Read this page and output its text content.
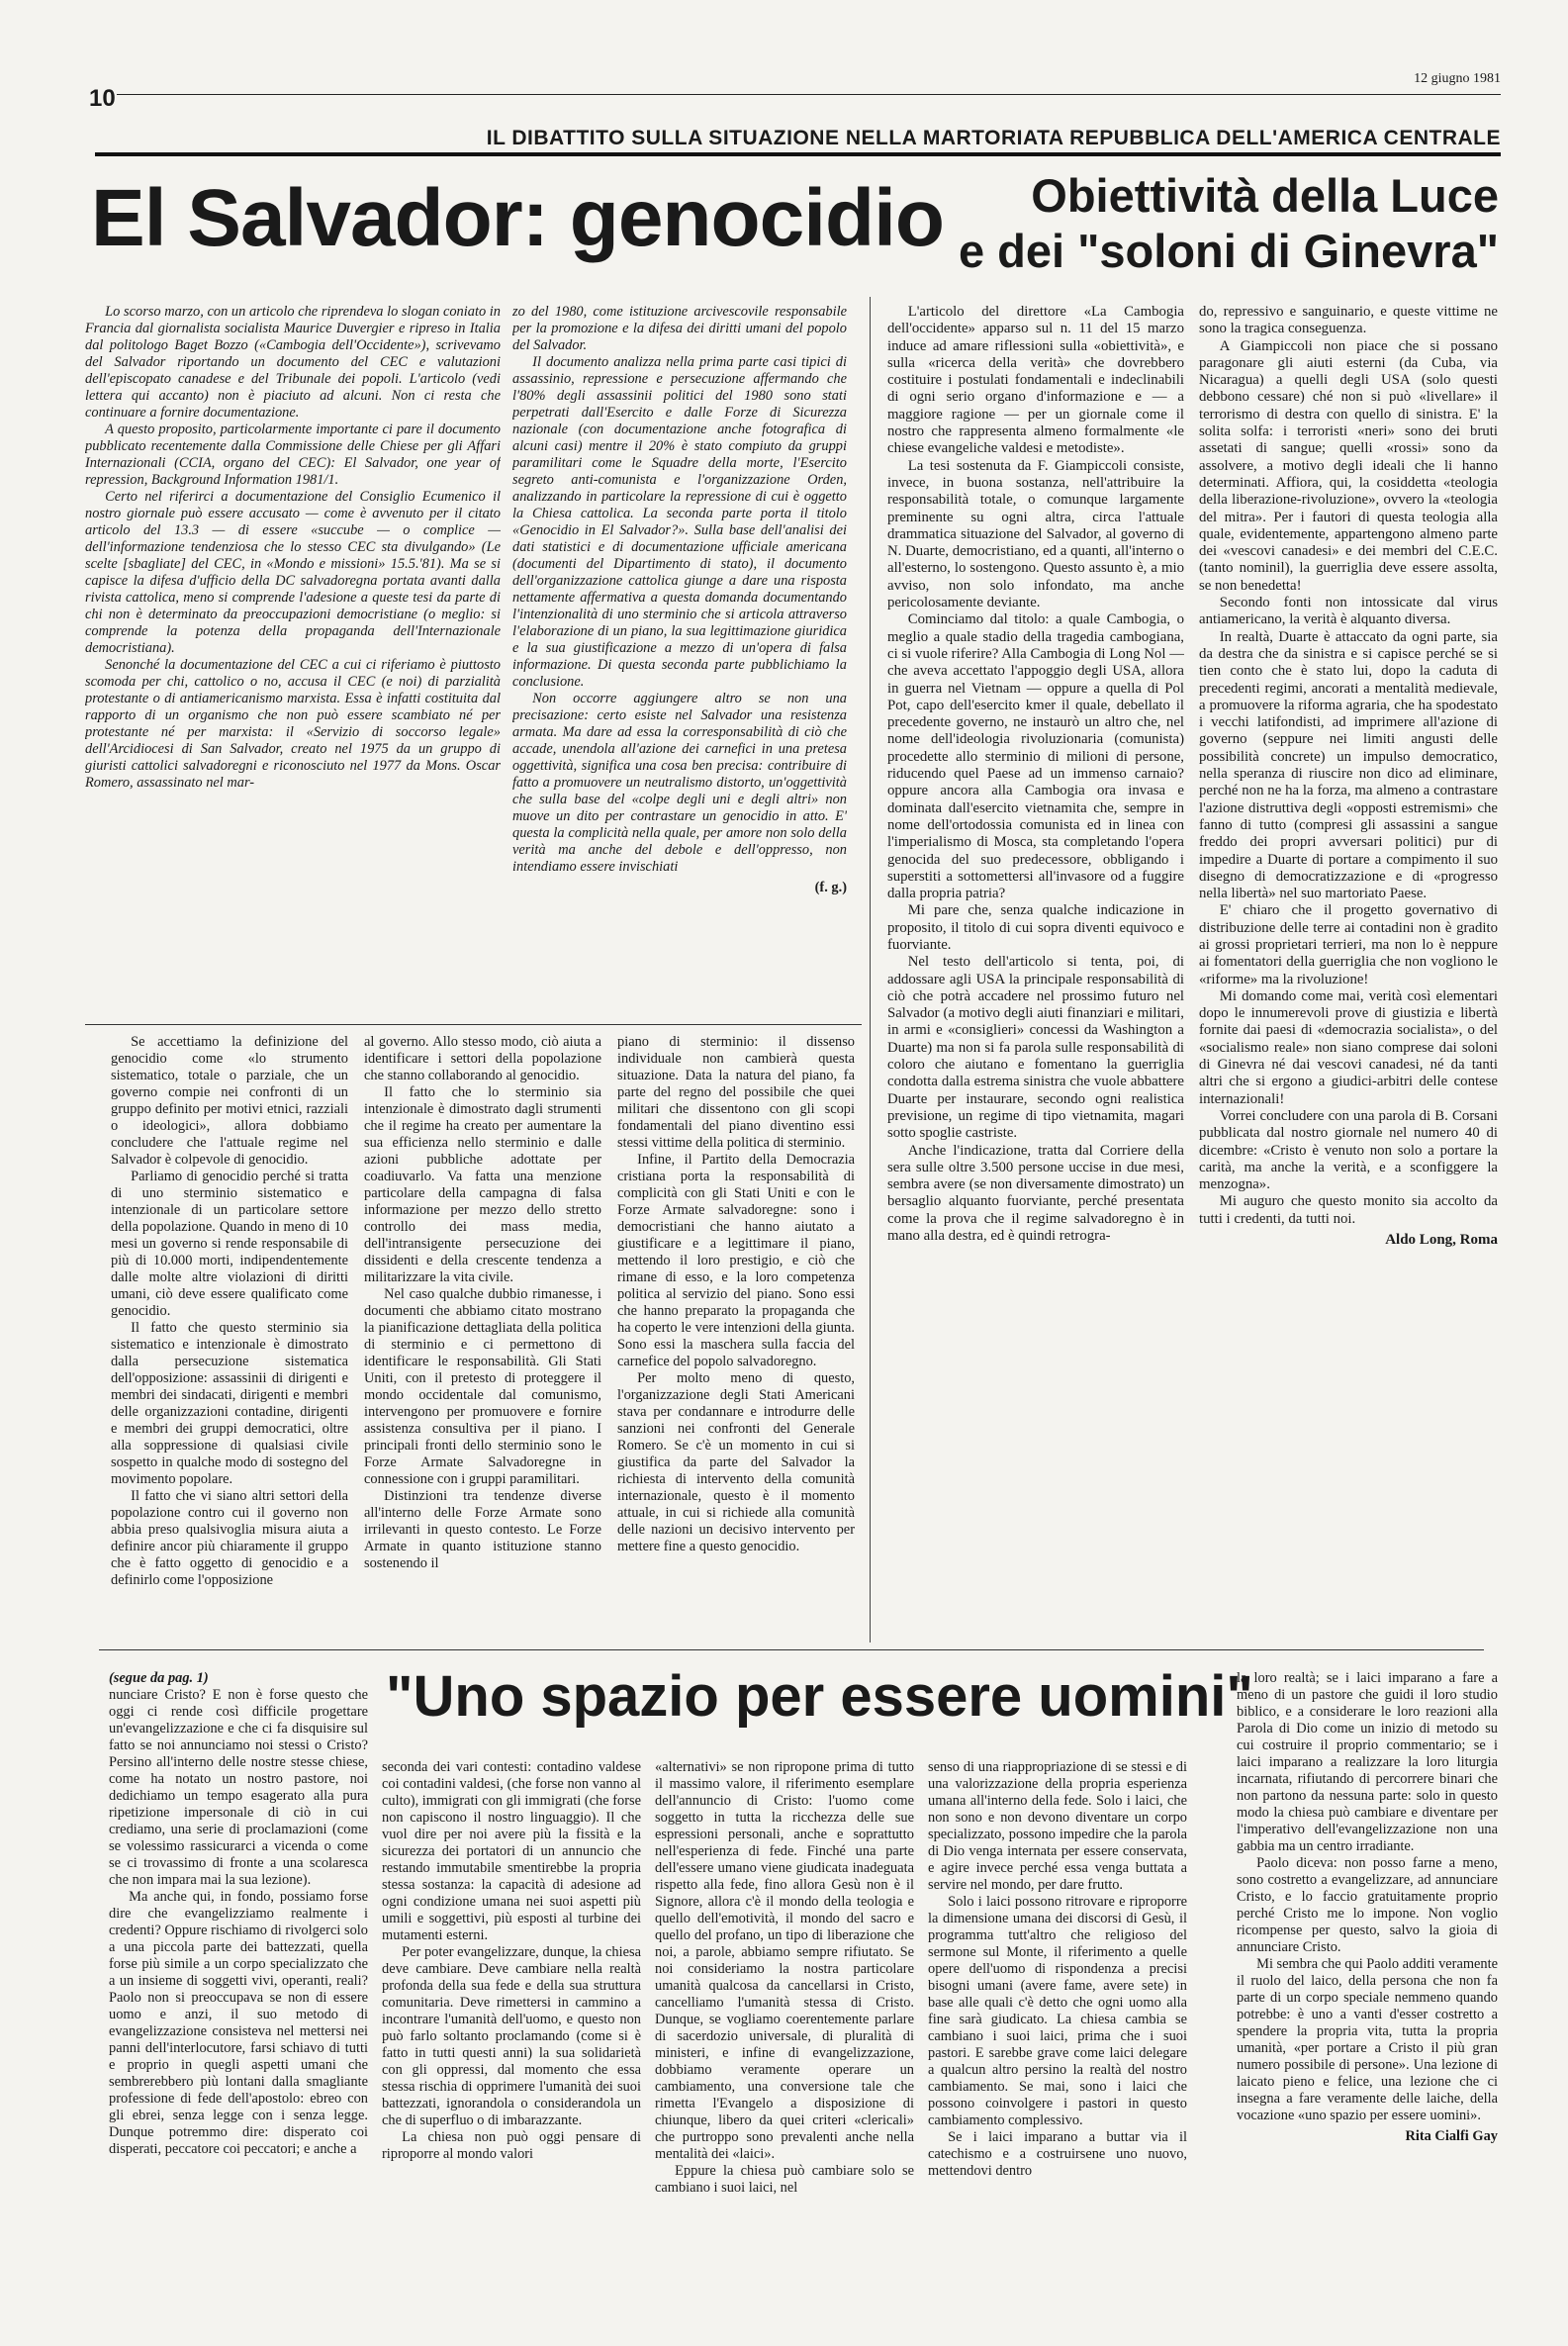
10
12 giugno 1981
IL DIBATTITO SULLA SITUAZIONE NELLA MARTORIATA REPUBBLICA DELL'AMERICA CENTRALE
El Salvador: genocidio	Obiettività della Luce
e dei "soloni di Ginevra"

Lo scorso marzo, con un articolo che riprendeva lo slogan coniato in Francia dal giornalista socialista Maurice Duvergier e ripreso in Italia dal politologo Baget Bozzo («Cambogia dell'Occidente»), scrivevamo del Salvador riportando un documento del CEC e valutazioni dell'episcopato canadese e del Tribunale dei popoli. L'articolo (vedi lettera qui accanto) non è piaciuto ad alcuni. Non ci resta che continuare a fornire documentazione.

A questo proposito, particolarmente importante ci pare il documento pubblicato recentemente dalla Commissione delle Chiese per gli Affari Internazionali (CCIA, organo del CEC): El Salvador, one year of repression, Background Information 1981/1.

Certo nel riferirci a documentazione del Consiglio Ecumenico il nostro giornale può essere accusato — come è avvenuto per il citato articolo del 13.3 — di essere «succube — o complice — dell'informazione tendenziosa che lo stesso CEC sta divulgando» (Le scelte [sbagliate] del CEC, in «Mondo e missioni» 15.5.'81). Ma se si capisce la difesa d'ufficio della DC salvadoregna portata avanti dalla rivista cattolica, meno si comprende l'adesione a queste tesi da parte di chi non è determinato da preoccupazioni democristiane (o meglio: si comprende la potenza della propaganda dell'Internazionale democristiana).

Senonché la documentazione del CEC a cui ci riferiamo è piuttosto scomoda per chi, cattolico o no, accusa il CEC (e noi) di parzialità protestante o di antiamericanismo marxista. Essa è infatti costituita dal rapporto di un organismo che non può essere scambiato né per protestante né per marxista: il «Servizio di soccorso legale» dell'Arcidiocesi di San Salvador, creato nel 1975 da un gruppo di giuristi cattolici salvadoregni e riconosciuto nel 1977 da Mons. Oscar Romero, assassinato nel mar-

zo del 1980, come istituzione arcivescovile responsabile per la promozione e la difesa dei diritti umani del popolo del Salvador.

Il documento analizza nella prima parte casi tipici di assassinio, repressione e persecuzione affermando che l'80% degli assassinii politici del 1980 sono stati perpetrati dall'Esercito e dalle Forze di Sicurezza nazionale (con documentazione anche fotografica di alcuni casi) mentre il 20% è stato compiuto da gruppi paramilitari come le Squadre della morte, l'Esercito segreto anti-comunista e l'organizzazione Orden, analizzando in particolare la repressione di cui è oggetto la Chiesa cattolica. La seconda parte porta il titolo «Genocidio in El Salvador?». Sulla base dell'analisi dei dati statistici e di documentazione ufficiale americana (documenti del Dipartimento di stato), il documento dell'organizzazione cattolica giunge a dare una risposta nettamente affermativa a questa domanda documentando l'intenzionalità di uno sterminio che si articola attraverso l'elaborazione di un piano, la sua legittimazione giuridica e la sua giustificazione a mezzo di un'opera di falsa informazione. Di questa seconda parte pubblichiamo la conclusione.

Non occorre aggiungere altro se non una precisazione: certo esiste nel Salvador una resistenza armata. Ma dare ad essa la corresponsabilità di ciò che accade, unendola all'azione dei carnefici in una pretesa oggettività, significa una cosa ben precisa: contribuire di fatto a promuovere un neutralismo distorto, un'oggettività che sulla base del «colpe degli uni e degli altri» non muove un dito per contrastare un genocidio in atto. E' questa la complicità nella quale, per amore non solo della verità ma anche del debole e dell'oppresso, non intendiamo essere invischiati

(f. g.)

Se accettiamo la definizione del genocidio come «lo strumento sistematico, totale o parziale, che un governo compie nei confronti di un gruppo definito per motivi etnici, razziali o ideologici», allora dobbiamo concludere che l'attuale regime nel Salvador è colpevole di genocidio.

Parliamo di genocidio perché si tratta di uno sterminio sistematico e intenzionale di un particolare settore della popolazione. Quando in meno di 10 mesi un governo si rende responsabile di più di 10.000 morti, indipendentemente dalle molte altre violazioni di diritti umani, ciò deve essere qualificato come genocidio.

Il fatto che questo sterminio sia sistematico e intenzionale è dimostrato dalla persecuzione sistematica dell'opposizione: assassinii di dirigenti e membri dei sindacati, dirigenti e membri delle organizzazioni contadine, dirigenti e membri dei gruppi democratici, oltre alla soppressione di qualsiasi civile sospetto in qualche modo di sostegno del movimento popolare.

Il fatto che vi siano altri settori della popolazione contro cui il governo non abbia preso qualsivoglia misura aiuta a definire ancor più chiaramente il gruppo che è fatto oggetto di genocidio e a definirlo come l'opposizione

al governo. Allo stesso modo, ciò aiuta a identificare i settori della popolazione che stanno collaborando al genocidio.

Il fatto che lo sterminio sia intenzionale è dimostrato dagli strumenti che il regime ha creato per aumentare la sua efficienza nello sterminio e dalle azioni pubbliche adottate per coadiuvarlo. Va fatta una menzione particolare della campagna di falsa informazione per mezzo dello stretto controllo dei mass media, dell'intransigente persecuzione dei dissidenti e della crescente tendenza a militarizzare la vita civile.

Nel caso qualche dubbio rimanesse, i documenti che abbiamo citato mostrano la pianificazione dettagliata della politica di sterminio e ci permettono di identificare le responsabilità. Gli Stati Uniti, con il pretesto di proteggere il mondo occidentale dal comunismo, intervengono per promuovere e fornire assistenza consultiva per il piano. I principali fronti dello sterminio sono le Forze Armate Salvadoregne in connessione con i gruppi paramilitari.

Distinzioni tra tendenze diverse all'interno delle Forze Armate sono irrilevanti in questo contesto. Le Forze Armate in quanto istituzione stanno sostenendo il

piano di sterminio: il dissenso individuale non cambierà questa situazione. Data la natura del piano, fa parte del regno del possibile che quei militari che dissentono con gli scopi fondamentali del piano diventino essi stessi vittime della politica di sterminio.

Infine, il Partito della Democrazia cristiana porta la responsabilità di complicità con gli Stati Uniti e con le Forze Armate salvadoregne: sono i democristiani che hanno aiutato a giustificare e a legittimare il piano, mettendo il loro prestigio, e ciò che rimane di esso, e la loro competenza politica al servizio del piano. Sono essi che hanno preparato la propaganda che ha coperto le vere intenzioni della giunta. Sono essi la maschera sulla faccia del carnefice del popolo salvadoregno.

Per molto meno di questo, l'organizzazione degli Stati Americani stava per condannare e introdurre delle sanzioni nei confronti del Generale Romero. Se c'è un momento in cui si giustifica da parte del Salvador la richiesta di intervento della comunità internazionale, questo è il momento attuale, in cui si richiede alla comunità delle nazioni un decisivo intervento per mettere fine a questo genocidio.

L'articolo del direttore «La Cambogia dell'occidente» apparso sul n. 11 del 15 marzo induce ad amare riflessioni sulla «obiettività», e sulla «ricerca della verità» che dovrebbero costituire i postulati fondamentali e indeclinabili di ogni serio organo d'informazione e — a maggiore ragione — per un giornale come il nostro che rappresenta almeno formalmente «le chiese evangeliche valdesi e metodiste».

La tesi sostenuta da F. Giampiccoli consiste, invece, in buona sostanza, nell'attribuire la responsabilità totale, o comunque largamente preminente su ogni altra, circa l'attuale drammatica situazione del Salvador, al governo di N. Duarte, democristiano, ed a quanti, all'interno o all'esterno, lo sostengono. Questo assunto è, a mio avviso, non solo infondato, ma anche pericolosamente deviante.

Cominciamo dal titolo: a quale Cambogia, o meglio a quale stadio della tragedia cambogiana, ci si vuole riferire? Alla Cambogia di Long Nol — che aveva accettato l'appoggio degli USA, allora in guerra nel Vietnam — oppure a quella di Pol Pot, capo dell'esercito kmer il quale, debellato il precedente governo, ne instaurò un altro che, nel nome dell'ideologia rivoluzionaria (comunista) procedette allo sterminio di milioni di persone, riducendo quel Paese ad un immenso carnaio? oppure ancora alla Cambogia ora invasa e dominata dall'esercito vietnamita che, sempre in nome dell'ortodossia comunista ed in linea con l'imperialismo di Mosca, sta completando l'opera genocida del suo predecessore, obbligando i superstiti a sottomettersi all'invasore od a fuggire dalla propria patria?

Mi pare che, senza qualche indicazione in proposito, il titolo di cui sopra diventi equivoco e fuorviante.

Nel testo dell'articolo si tenta, poi, di addossare agli USA la principale responsabilità di ciò che potrà accadere nel prossimo futuro nel Salvador (a motivo degli aiuti finanziari e militari, in armi e «consiglieri» concessi da Washington a Duarte) ma non si fa parola sulle responsabilità di coloro che aiutano e fomentano la guerriglia condotta dalla estrema sinistra che vuole abbattere Duarte per instaurare, secondo ogni realistica previsione, un regime di tipo vietnamita, magari sotto spoglie castriste.

Anche l'indicazione, tratta dal Corriere della sera sulle oltre 3.500 persone uccise in due mesi, sembra avere (se non diversamente dimostrato) un bersaglio alquanto fuorviante, perché presentata come la prova che il regime salvadoregno è in mano alla destra, ed è quindi retrogra-

do, repressivo e sanguinario, e queste vittime ne sono la tragica conseguenza.

A Giampiccoli non piace che si possano paragonare gli aiuti esterni (da Cuba, via Nicaragua) a quelli degli USA (solo questi debbono cessare) ché non si può «livellare» il terrorismo di destra con quello di sinistra. E' la solita solfa: i terroristi «neri» sono dei bruti assetati di sangue; quelli «rossi» sono da assolvere, a motivo degli ideali che li hanno determinati. Affiora, qui, la cosiddetta «teologia della liberazione-rivoluzione», ovvero la «teologia del mitra». Per i fautori di questa teologia alla quale, evidentemente, appartengono almeno parte dei «vescovi canadesi» e dei membri del C.E.C. (tanto nominil), la guerriglia deve essere assolta, se non benedetta!

Secondo fonti non intossicate dal virus antiamericano, la verità è alquanto diversa.

In realtà, Duarte è attaccato da ogni parte, sia da destra che da sinistra e si capisce perché se si tien conto che è stato lui, dopo la caduta di precedenti regimi, ancorati a mentalità medievale, a promuovere la riforma agraria, che ha spodestato i vecchi latifondisti, ad imprimere all'azione di governo (seppure nei limiti angusti delle possibilità concrete) un impulso democratico, nella speranza di riuscire non dico ad eliminare, perché non ne ha la forza, ma almeno a contrastare l'azione distruttiva degli «opposti estremismi» che fanno di tutto (compresi gli assassini a sangue freddo dei propri avversari politici) pur di impedire a Duarte di portare a compimento il suo disegno di democratizzazione e di «progresso nella libertà» nel suo martoriato Paese.

E' chiaro che il progetto governativo di distribuzione delle terre ai contadini non è gradito ai grossi proprietari terrieri, ma non lo è neppure ai fomentatori della guerriglia che non vogliono le «riforme» ma la rivoluzione!

Mi domando come mai, verità così elementari dopo le innumerevoli prove di giustizia e libertà fornite dai paesi di «democrazia socialista», o del «socialismo reale» non siano comprese dai soloni di Ginevra né dai vescovi canadesi, né da tanti altri che si ergono a giudici-arbitri delle contese internazionali!

Vorrei concludere con una parola di B. Corsani pubblicata dal nostro giornale nel numero 40 di dicembre: «Cristo è venuto non solo a portare la carità, ma anche la verità, e a sconfiggere la menzogna».

Mi auguro che questo monito sia accolto da tutti i credenti, da tutti noi.

Aldo Long, Roma
"Uno spazio per essere uomini"

(segue da pag. 1)

nunciare Cristo? E non è forse questo che oggi ci rende così difficile progettare un'evangelizzazione e che ci fa disquisire sul fatto se noi annunciamo noi stessi o Cristo? Persino all'interno delle nostre stesse chiese, come ha notato un nostro pastore, noi dedichiamo un tempo esagerato alla pura ripetizione impersonale di ciò in cui crediamo, una serie di proclamazioni (come se volessimo rassicurarci a vicenda o come se ci trovassimo di fronte a una scolaresca che non impara mai la sua lezione).

Ma anche qui, in fondo, possiamo forse dire che evangelizziamo realmente i credenti? Oppure rischiamo di rivolgerci solo a una piccola parte dei battezzati, quella forse più simile a un corpo specializzato che a un insieme di soggetti vivi, operanti, reali? Paolo non si preoccupava se non di essere uomo e anzi, il suo metodo di evangelizzazione consisteva nel mettersi nei panni dell'interlocutore, farsi schiavo di tutti e proprio in quegli aspetti umani che sembrerebbero più lontani dalla smagliante professione di fede dell'apostolo: ebreo con gli ebrei, senza legge con i senza legge. Dunque potremmo dire: disperato coi disperati, peccatore coi peccatori; e anche a

seconda dei vari contesti: contadino valdese coi contadini valdesi, (che forse non vanno al culto), immigrati con gli immigrati (che forse non capiscono il nostro linguaggio). Il che vuol dire per noi avere più la fissità e la sicurezza dei portatori di un annuncio che restando immutabile smentirebbe la propria stessa sostanza: la capacità di adesione ad ogni condizione umana nei suoi aspetti più umili e soggettivi, più esposti al turbine dei mutamenti esterni.

Per poter evangelizzare, dunque, la chiesa deve cambiare. Deve cambiare nella realtà profonda della sua fede e della sua struttura comunitaria. Deve rimettersi in cammino a incontrare l'umanità dell'uomo, e questo non può farlo soltanto proclamando (come si è fatto in tutti questi anni) la sua solidarietà con gli oppressi, dal momento che essa stessa rischia di opprimere l'umanità dei suoi battezzati, ignorandola o considerandola un che di superfluo o di imbarazzante.

La chiesa non può oggi pensare di riproporre al mondo valori

«alternativi» se non ripropone prima di tutto il massimo valore, il riferimento esemplare dell'annuncio di Cristo: l'uomo come soggetto in tutta la ricchezza delle sue espressioni personali, anche e soprattutto nell'esperienza di fede. Finché una parte dell'essere umano viene giudicata inadeguata rispetto alla fede, fino allora Gesù non è il Signore, allora c'è il mondo della teologia e quello dell'emotività, il mondo del sacro e quello del profano, un tipo di liberazione che noi, a parole, abbiamo sempre rifiutato. Se noi consideriamo la nostra particolare umanità qualcosa da cancellarsi in Cristo, cancelliamo l'umanità stessa di Cristo. Dunque, se vogliamo coerentemente parlare di sacerdozio universale, di pluralità di ministeri, e infine di evangelizzazione, dobbiamo veramente operare un cambiamento, una conversione tale che rimetta l'Evangelo a disposizione di chiunque, libero da quei criteri «clericali» che purtroppo sono prevalenti anche nella mentalità dei «laici».

Eppure la chiesa può cambiare solo se cambiano i suoi laici, nel

senso di una riappropriazione di se stessi e di una valorizzazione della propria esperienza umana all'interno della fede. Solo i laici, che non sono e non devono diventare un corpo specializzato, possono impedire che la parola di Dio venga internata per essere conservata, e agire invece perché essa venga buttata a servire nel mondo, per dare frutto.

Solo i laici possono ritrovare e riproporre la dimensione umana dei discorsi di Gesù, il programma tutt'altro che religioso del sermone sul Monte, il riferimento a quelle opere dell'uomo di rispondenza a precisi bisogni umani (avere fame, avere sete) in base alle quali c'è detto che ogni uomo alla fine sarà giudicato. La chiesa cambia se cambiano i suoi laici, prima che i suoi pastori. E sarebbe grave come laici delegare a qualcun altro persino la realtà del nostro cambiamento. Se mai, sono i laici che possono coinvolgere i pastori in questo cambiamento complessivo.

Se i laici imparano a buttar via il catechismo e a costruirsene uno nuovo, mettendovi dentro

la loro realtà; se i laici imparano a fare a meno di un pastore che guidi il loro studio biblico, e a considerare le loro reazioni alla Parola di Dio come un inizio di metodo su cui costruire il proprio commentario; se i laici imparano a realizzare la loro liturgia incarnata, rifiutando di percorrere binari che non partono da nessuna parte: solo in questo modo la chiesa può cambiare e diventare per l'imperativo dell'evangelizzazione non una gabbia ma un centro irradiante.

Paolo diceva: non posso farne a meno, sono costretto a evangelizzare, ad annunciare Cristo, e lo faccio gratuitamente proprio perché Cristo me lo impone. Non voglio ricompense per questo, salvo la gioia di annunciare Cristo.

Mi sembra che qui Paolo additi veramente il ruolo del laico, della persona che non fa parte di un corpo speciale nemmeno quando potrebbe: è uno a vanti d'esser costretto a spendere la propria vita, tutta la propria umanità, «per portare a Cristo il più gran numero possibile di persone». Una lezione di laicato pieno e felice, una lezione che ci insegna a fare veramente delle laiche, della vocazione «uno spazio per essere uomini».

Rita Cialfi Gay
